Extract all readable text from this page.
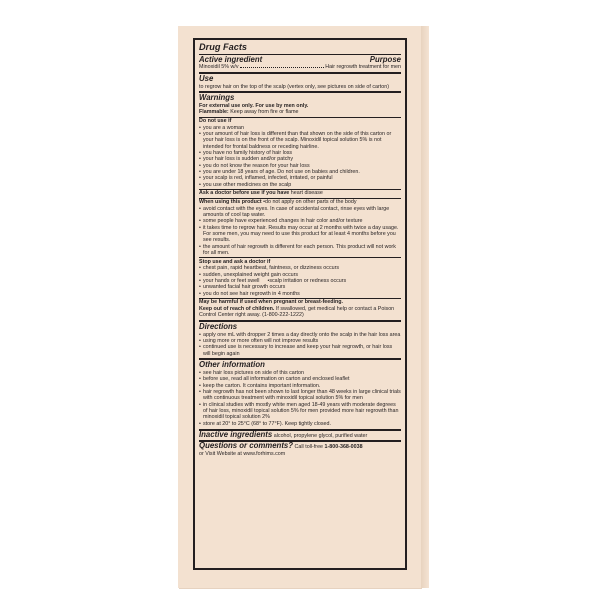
Drug Facts
Active ingredient	Purpose
Minoxidil 5% w/v	Hair regrowth treatment for men
Use
to regrow hair on the top of the scalp (vertex only, see pictures on side of carton)
Warnings
For external use only. For use by men only.
Flammable: Keep away from fire or flame
Do not use if
• you are a woman
• your amount of hair loss is different than that shown on the side of this carton or your hair loss is on the front of the scalp. Minoxidil topical solution 5% is not intended for frontal baldness or receding hairline.
• you have no family history of hair loss
• your hair loss is sudden and/or patchy
• you do not know the reason for your hair loss
• you are under 18 years of age. Do not use on babies and children.
• your scalp is red, inflamed, infected, irritated, or painful
• you use other medicines on the scalp
Ask a doctor before use if you have heart disease
When using this product • do not apply on other parts of the body
• avoid contact with the eyes. In case of accidental contact, rinse eyes with large amounts of cool tap water.
• some people have experienced changes in hair color and/or texture
• it takes time to regrow hair. Results may occur at 2 months with twice a day usage. For some men, you may need to use this product for at least 4 months before you see results.
• the amount of hair regrowth is different for each person. This product will not work for all men.
Stop use and ask a doctor if
• chest pain, rapid heartbeat, faintness, or dizziness occurs
• sudden, unexplained weight gain occurs
• your hands or feet swell	• scalp irritation or redness occurs
• unwanted facial hair growth occurs
• you do not see hair regrowth in 4 months
May be harmful if used when pregnant or breast-feeding.
Keep out of reach of children. If swallowed, get medical help or contact a Poison Control Center right away. (1-800-222-1222)
Directions
• apply one mL with dropper 2 times a day directly onto the scalp in the hair loss area
• using more or more often will not improve results
• continued use is necessary to increase and keep your hair regrowth, or hair loss will begin again
Other information
• see hair loss pictures on side of this carton
• before use, read all information on carton and enclosed leaflet
• keep the carton. It contains important information.
• hair regrowth has not been shown to last longer than 48 weeks in large clinical trials with continuous treatment with minoxidil topical solution 5% for men
• in clinical studies with mostly white men aged 18-49 years with moderate degrees of hair loss, minoxidil topical solution 5% for men provided more hair regrowth than minoxidil topical solution 2%
• store at 20° to 25°C (68° to 77°F). Keep tightly closed.
Inactive ingredients alcohol, propylene glycol, purified water
Questions or comments? Call toll-free 1-800-368-0038
or Visit Website at www.forhims.com
